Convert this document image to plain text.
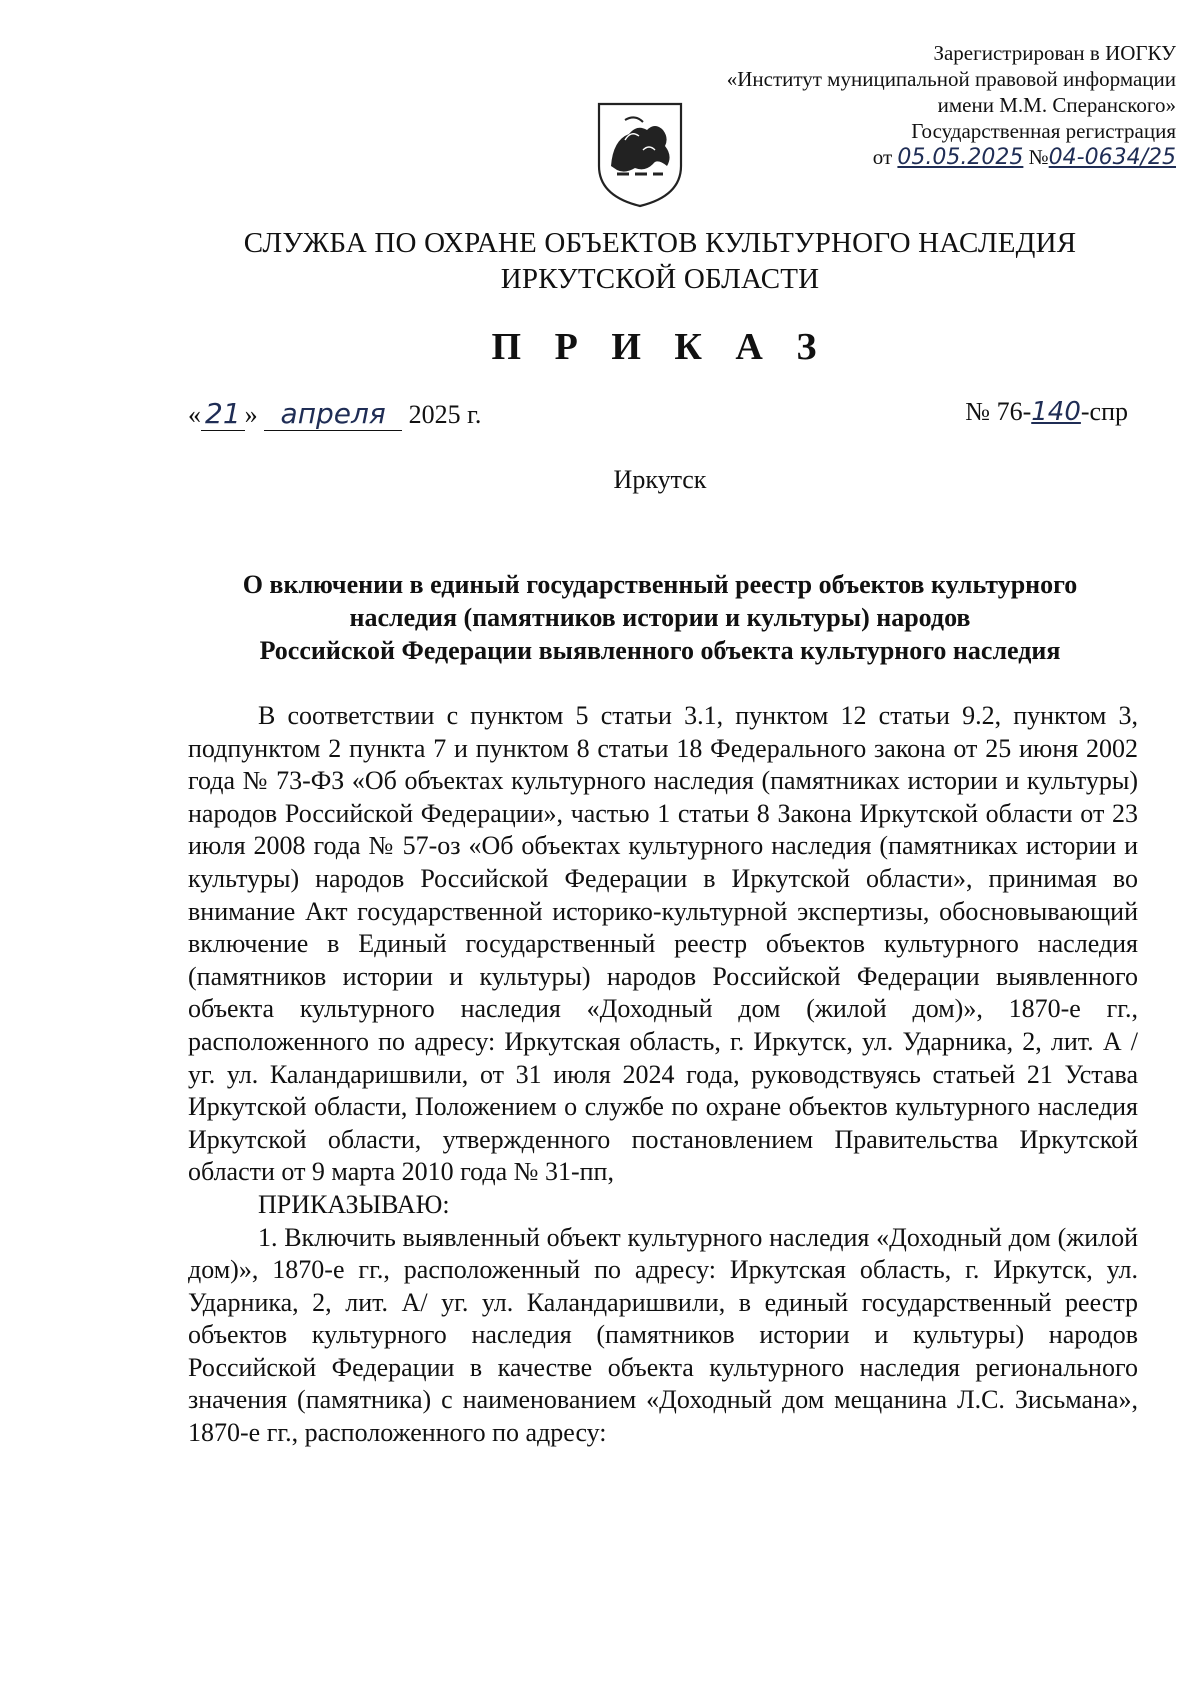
Зарегистрирован в ИОГКУ
«Институт муниципальной правовой информации
имени М.М. Сперанского»
Государственная регистрация
от 05.05.2025 №04-0634/25
СЛУЖБА ПО ОХРАНЕ ОБЪЕКТОВ КУЛЬТУРНОГО НАСЛЕДИЯ
ИРКУТСКОЙ ОБЛАСТИ
П Р И К А З
« 21 » апреля 2025 г.	№ 76-140-спр
Иркутск
О включении в единый государственный реестр объектов культурного
наследия (памятников истории и культуры) народов
Российской Федерации выявленного объекта культурного наследия

В соответствии с пунктом 5 статьи 3.1, пунктом 12 статьи 9.2, пунктом 3, подпунктом 2 пункта 7 и пунктом 8 статьи 18 Федерального закона от 25 июня 2002 года № 73-ФЗ «Об объектах культурного наследия (памятниках истории и культуры) народов Российской Федерации», частью 1 статьи 8 Закона Иркутской области от 23 июля 2008 года № 57-оз «Об объектах культурного наследия (памятниках истории и культуры) народов Российской Федерации в Иркутской области», принимая во внимание Акт государственной историко-культурной экспертизы, обосновывающий включение в Единый государственный реестр объектов культурного наследия (памятников истории и культуры) народов Российской Федерации выявленного объекта культурного наследия «Доходный дом (жилой дом)», 1870-е гг., расположенного по адресу: Иркутская область, г. Иркутск, ул. Ударника, 2, лит. А / уг. ул. Каландаришвили, от 31 июля 2024 года, руководствуясь статьей 21 Устава Иркутской области, Положением о службе по охране объектов культурного наследия Иркутской области, утвержденного постановлением Правительства Иркутской области от 9 марта 2010 года № 31-пп,

ПРИКАЗЫВАЮ:

1. Включить выявленный объект культурного наследия «Доходный дом (жилой дом)», 1870-е гг., расположенный по адресу: Иркутская область, г. Иркутск, ул. Ударника, 2, лит. А/ уг. ул. Каландаришвили, в единый государственный реестр объектов культурного наследия (памятников истории и культуры) народов Российской Федерации в качестве объекта культурного наследия регионального значения (памятника) с наименованием «Доходный дом мещанина Л.С. Зисьмана», 1870-е гг., расположенного по адресу:
